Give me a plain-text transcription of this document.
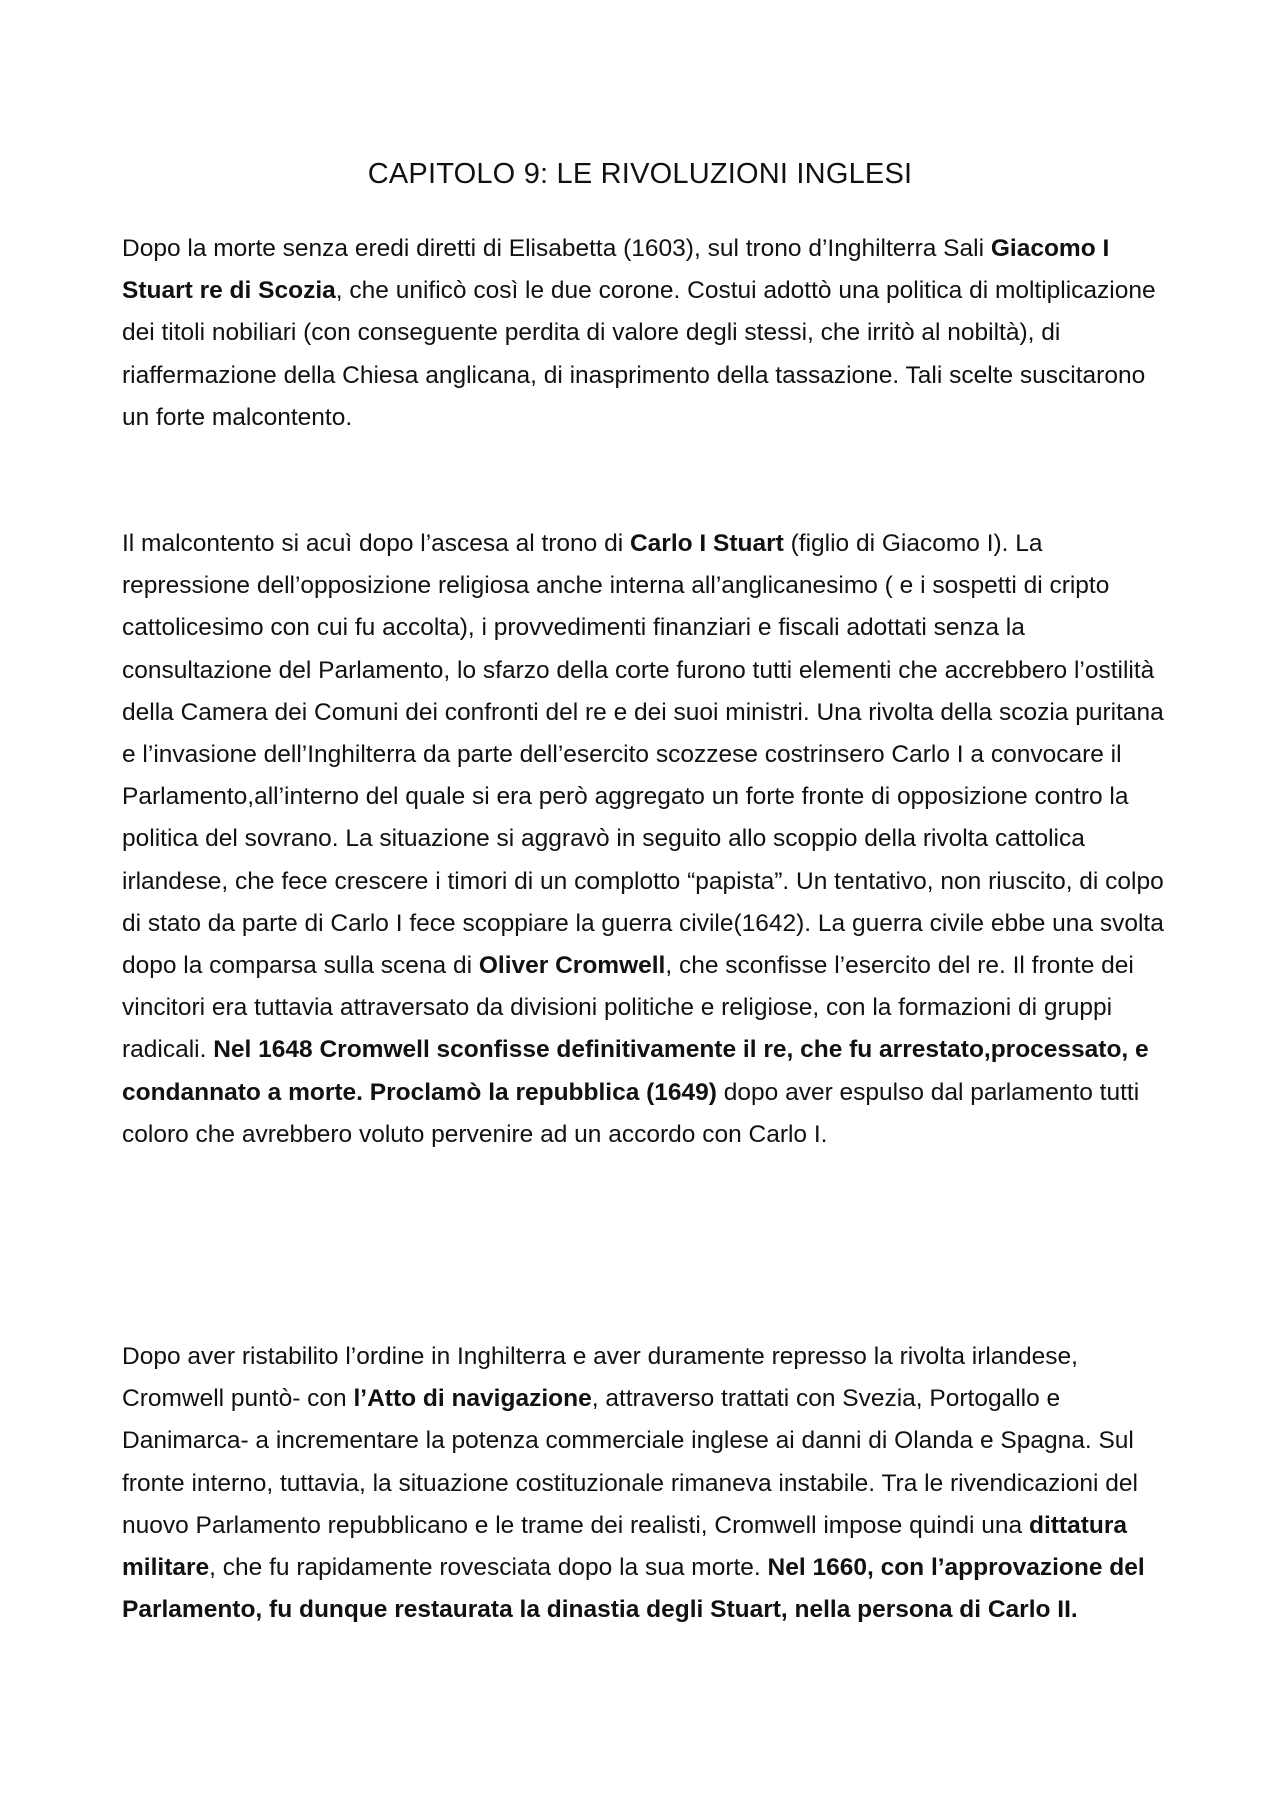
CAPITOLO 9: LE RIVOLUZIONI INGLESI

Dopo la morte senza eredi diretti di Elisabetta (1603), sul trono d’Inghilterra Sali Giacomo I Stuart re di Scozia, che unificò così le due corone. Costui adottò una politica di moltiplicazione dei titoli nobiliari (con conseguente perdita di valore degli stessi, che irritò al nobiltà), di riaffermazione della Chiesa anglicana, di inasprimento della tassazione. Tali scelte suscitarono un forte malcontento.

Il malcontento si acuì dopo l’ascesa al trono di Carlo I Stuart (figlio di Giacomo I). La repressione dell’opposizione religiosa anche interna all’anglicanesimo ( e i sospetti di cripto cattolicesimo con cui fu accolta), i provvedimenti finanziari e fiscali adottati senza la consultazione del Parlamento, lo sfarzo della corte furono tutti elementi che accrebbero l’ostilità della Camera dei Comuni dei confronti del re e dei suoi ministri. Una rivolta della scozia puritana e l’invasione dell’Inghilterra da parte dell’esercito scozzese costrinsero Carlo I a convocare il Parlamento,all’interno del quale si era però aggregato un forte fronte di opposizione contro la politica del sovrano. La situazione si aggravò in seguito allo scoppio della rivolta cattolica irlandese, che fece crescere i timori di un complotto “papista”. Un tentativo, non riuscito, di colpo di stato da parte di Carlo I fece scoppiare la guerra civile(1642). La guerra civile ebbe una svolta dopo la comparsa sulla scena di Oliver Cromwell, che sconfisse l’esercito del re. Il fronte dei vincitori era tuttavia attraversato da divisioni politiche e religiose, con la formazioni di gruppi radicali. Nel 1648 Cromwell sconfisse definitivamente il re, che fu arrestato,processato, e condannato a morte. Proclamò la repubblica (1649) dopo aver espulso dal parlamento tutti coloro che avrebbero voluto pervenire ad un accordo con Carlo I.

Dopo aver ristabilito l’ordine in Inghilterra e aver duramente represso la rivolta irlandese, Cromwell puntò- con l’Atto di navigazione, attraverso trattati con Svezia, Portogallo e Danimarca- a incrementare la potenza commerciale inglese ai danni di Olanda e Spagna. Sul fronte interno, tuttavia, la situazione costituzionale rimaneva instabile. Tra le rivendicazioni del nuovo Parlamento repubblicano e le trame dei realisti, Cromwell impose quindi una dittatura militare, che fu rapidamente rovesciata dopo la sua morte. Nel 1660, con l’approvazione del Parlamento, fu dunque restaurata la dinastia degli Stuart, nella persona di Carlo II.
